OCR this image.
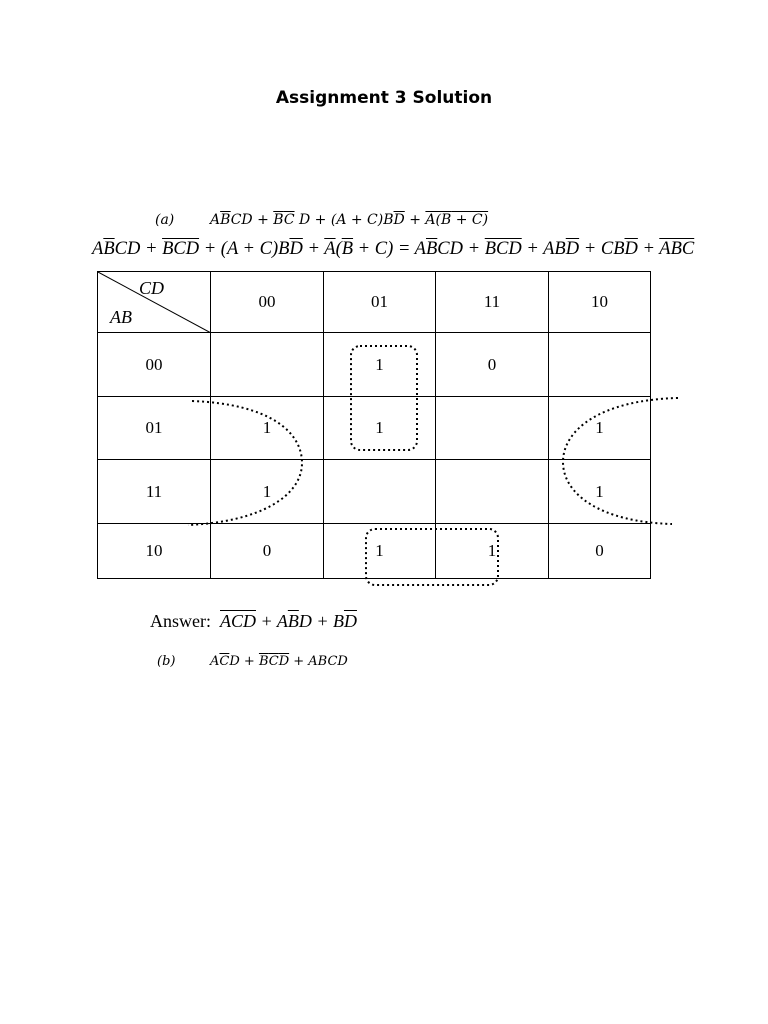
Assignment 3 Solution
(a)	$A\overline{B}CD + \overline{B}\overline{C}$ $D + (A + C)B\overline{D} + A(\overline{B} + C)$
$A\overline{B}CD + \overline{BCD} + (A + C)B\overline{D} + \overline{A}(\overline{B} + C) = A\overline{B}CD + \overline{BCD} + AB\overline{D} + CB\overline{D} + \overline{ABC}$
CD
AB	00	01	11	10
00		1	0	
01	1	1		1
11	1			1
10	0	1	1	0
Answer: $\overline{ACD} + A\overline{B}D + B\overline{D}$
(b)	$A\overline{C}D + \overline{B}\overline{C}\overline{D}$ + ABCD
